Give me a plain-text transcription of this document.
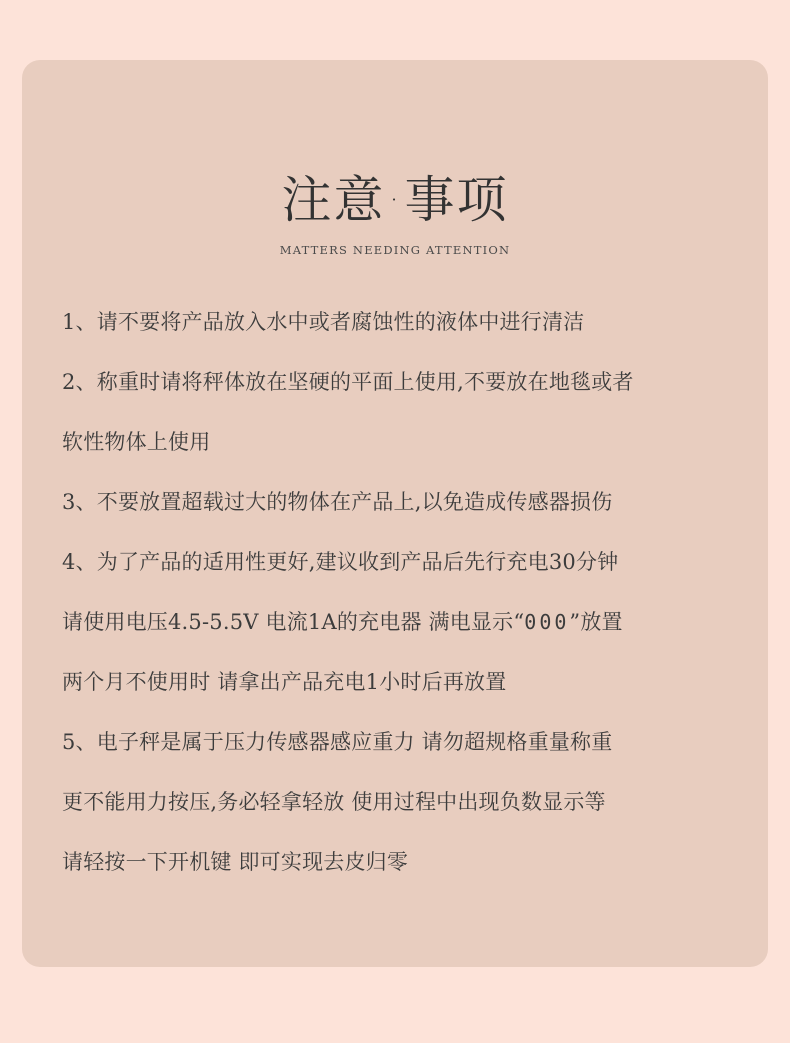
注意 · 事项
MATTERS NEEDING ATTENTION
1、请不要将产品放入水中或者腐蚀性的液体中进行清洁
2、称重时请将秤体放在坚硬的平面上使用,不要放在地毯或者
软性物体上使用
3、不要放置超载过大的物体在产品上,以免造成传感器损伤
4、为了产品的适用性更好,建议收到产品后先行充电30分钟
请使用电压4.5-5.5V 电流1A的充电器 满电显示“000”放置
两个月不使用时 请拿出产品充电1小时后再放置
5、电子秤是属于压力传感器感应重力 请勿超规格重量称重
更不能用力按压,务必轻拿轻放 使用过程中出现负数显示等
请轻按一下开机键 即可实现去皮归零
